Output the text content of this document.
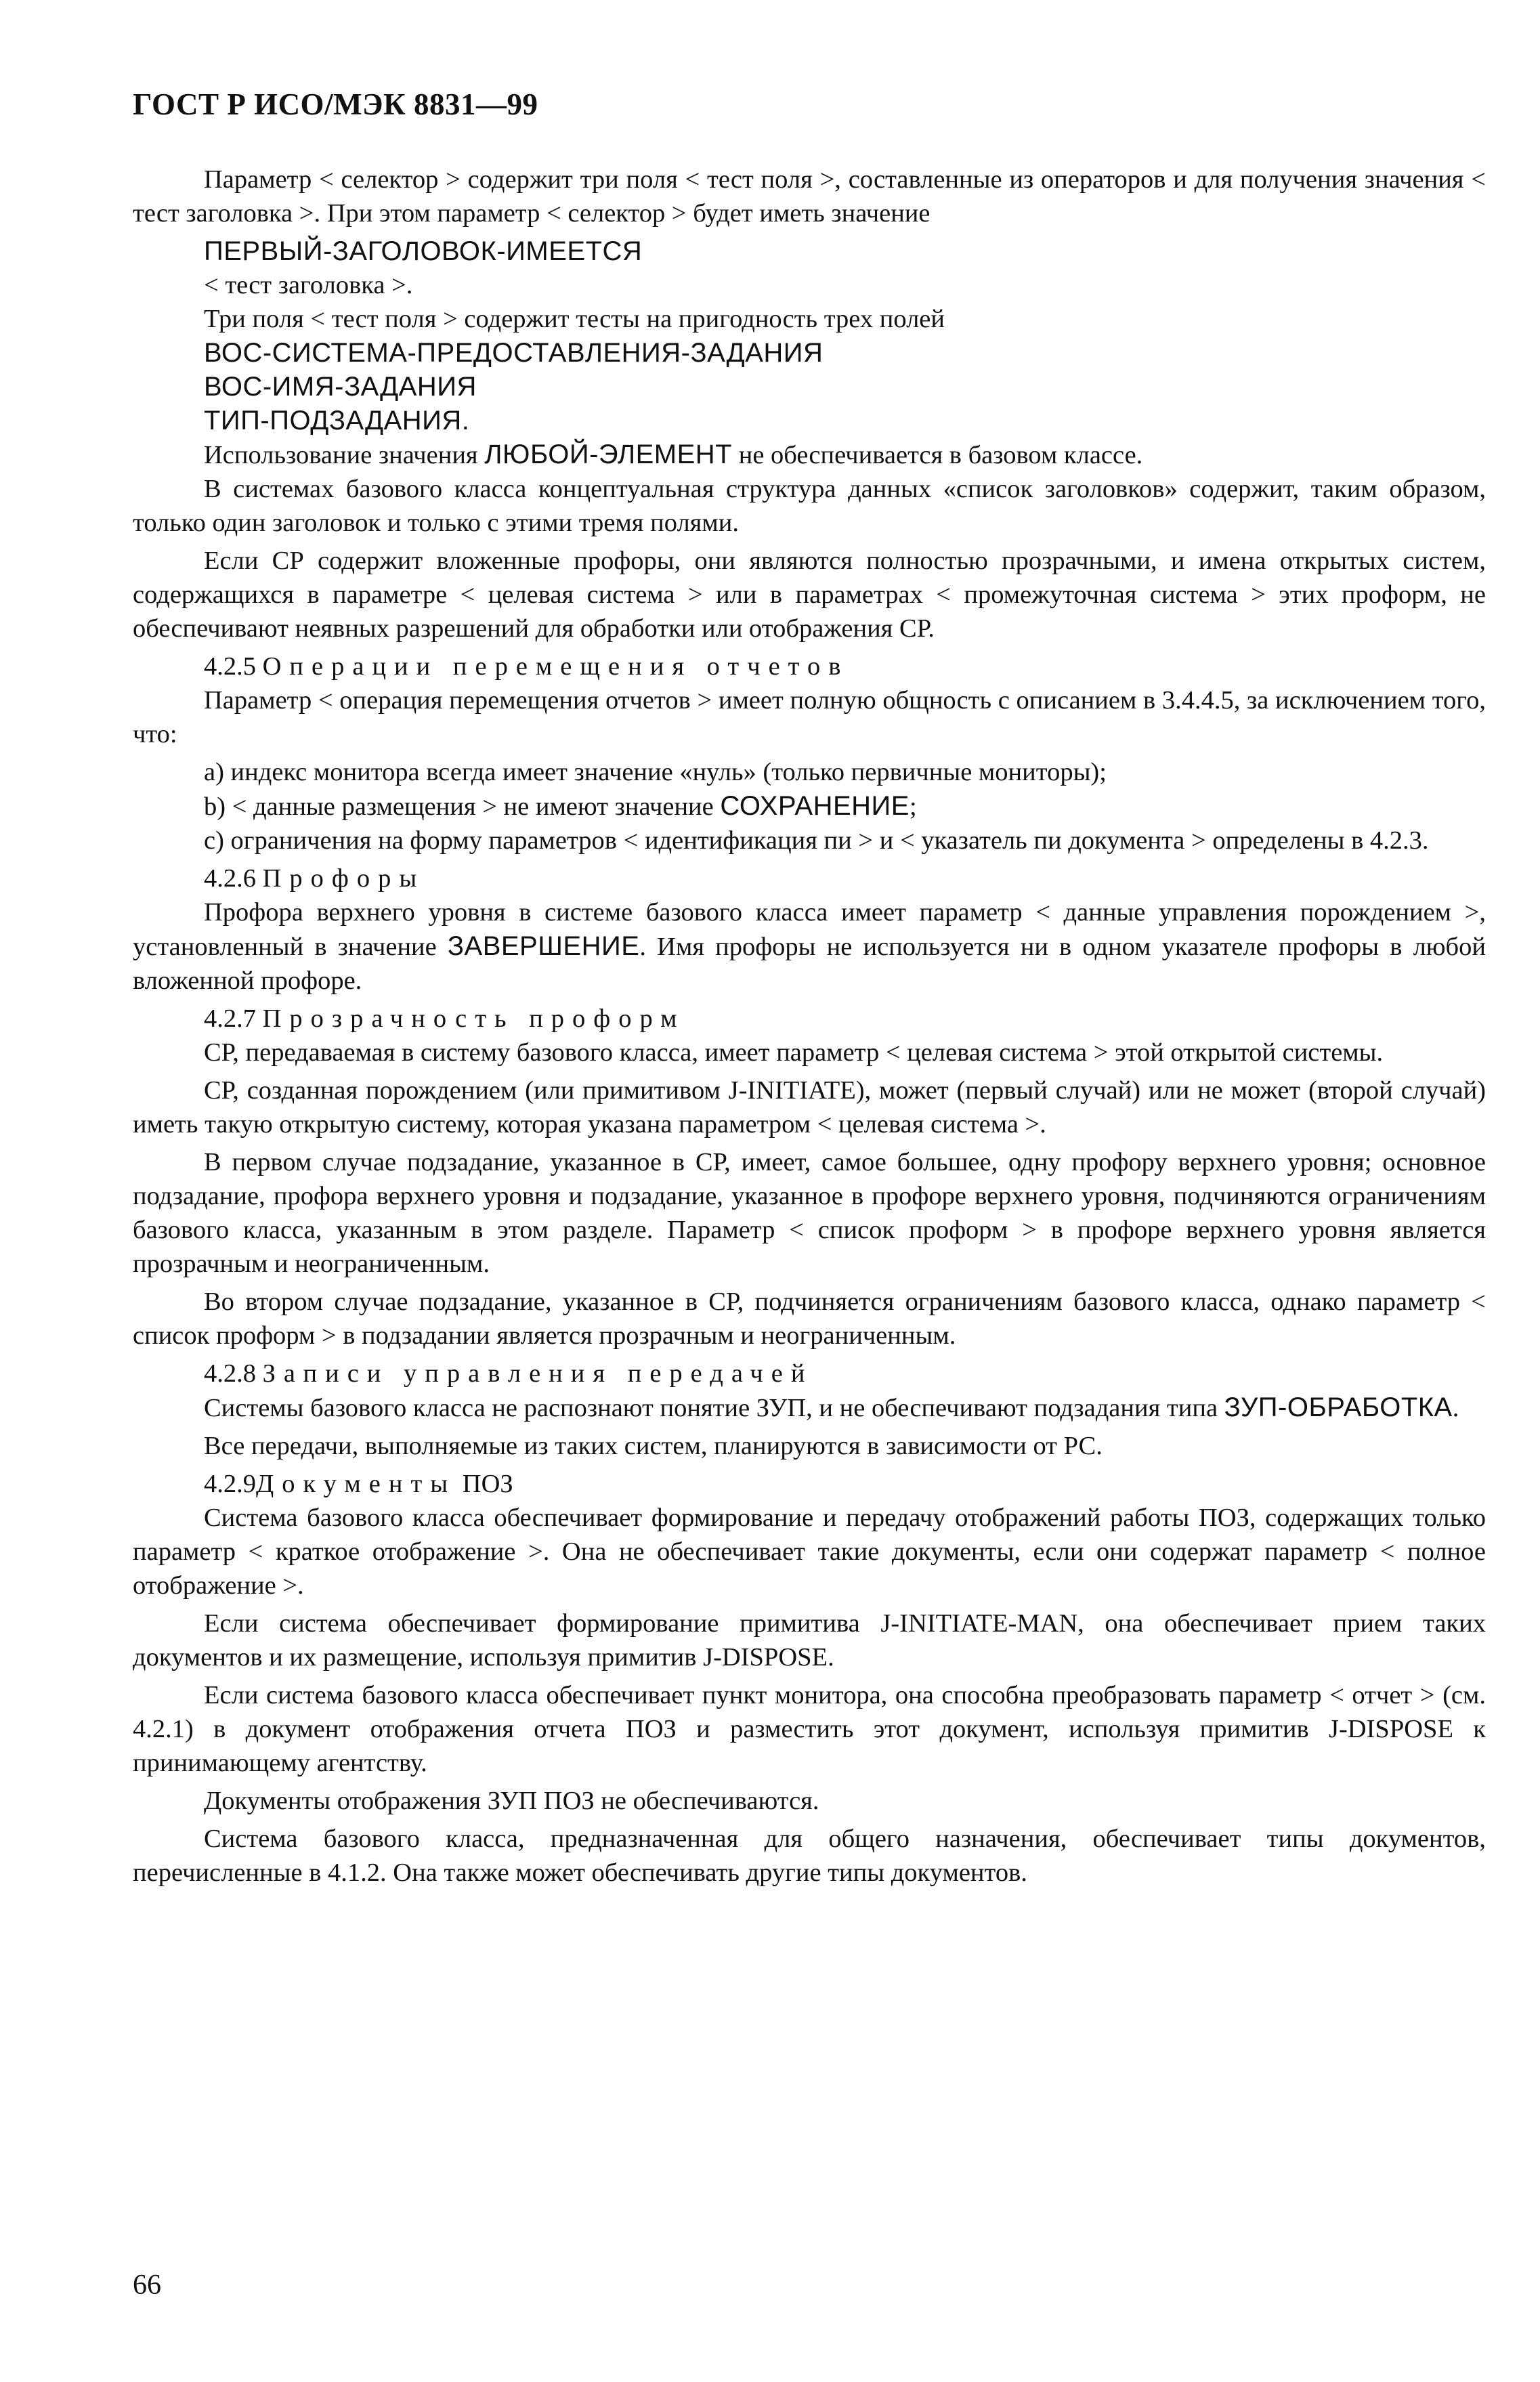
ГОСТ Р ИСО/МЭК 8831—99

Параметр < селектор > содержит три поля < тест поля >, составленные из операторов и для получения значения < тест заголовка >. При этом параметр < селектор > будет иметь значение

ПЕРВЫЙ-ЗАГОЛОВОК-ИМЕЕТСЯ

< тест заголовка >.

Три поля < тест поля > содержит тесты на пригодность трех полей

ВОС-СИСТЕМА-ПРЕДОСТАВЛЕНИЯ-ЗАДАНИЯ

ВОС-ИМЯ-ЗАДАНИЯ

ТИП-ПОДЗАДАНИЯ.

Использование значения ЛЮБОЙ-ЭЛЕМЕНТ не обеспечивается в базовом классе.

В системах базового класса концептуальная структура данных «список заголовков» содержит, таким образом, только один заголовок и только с этими тремя полями.

Если СР содержит вложенные профоры, они являются полностью прозрачными, и имена открытых систем, содержащихся в параметре < целевая система > или в параметрах < промежуточная система > этих проформ, не обеспечивают неявных разрешений для обработки или отображения СР.

4.2.5 Операции перемещения отчетов

Параметр < операция перемещения отчетов > имеет полную общность с описанием в 3.4.4.5, за исключением того, что:

а) индекс монитора всегда имеет значение «нуль» (только первичные мониторы);

b) < данные размещения > не имеют значение СОХРАНЕНИЕ;

с) ограничения на форму параметров < идентификация пи > и < указатель пи документа > определены в 4.2.3.

4.2.6 Профоры

Профора верхнего уровня в системе базового класса имеет параметр < данные управления порождением >, установленный в значение ЗАВЕРШЕНИЕ. Имя профоры не используется ни в одном указателе профоры в любой вложенной профоре.

4.2.7 Прозрачность проформ

СР, передаваемая в систему базового класса, имеет параметр < целевая система > этой открытой системы.

СР, созданная порождением (или примитивом J-INITIATE), может (первый случай) или не может (второй случай) иметь такую открытую систему, которая указана параметром < целевая система >.

В первом случае подзадание, указанное в СР, имеет, самое большее, одну профору верхнего уровня; основное подзадание, профора верхнего уровня и подзадание, указанное в профоре верхнего уровня, подчиняются ограничениям базового класса, указанным в этом разделе. Параметр < список проформ > в профоре верхнего уровня является прозрачным и неограниченным.

Во втором случае подзадание, указанное в СР, подчиняется ограничениям базового класса, однако параметр < список проформ > в подзадании является прозрачным и неограниченным.

4.2.8 Записи управления передачей

Системы базового класса не распознают понятие ЗУП, и не обеспечивают подзадания типа ЗУП-ОБРАБОТКА.

Все передачи, выполняемые из таких систем, планируются в зависимости от РС.

4.2.9Документы ПОЗ

Система базового класса обеспечивает формирование и передачу отображений работы ПОЗ, содержащих только параметр < краткое отображение >. Она не обеспечивает такие документы, если они содержат параметр < полное отображение >.

Если система обеспечивает формирование примитива J-INITIATE-MAN, она обеспечивает прием таких документов и их размещение, используя примитив J-DISPOSE.

Если система базового класса обеспечивает пункт монитора, она способна преобразовать параметр < отчет > (см. 4.2.1) в документ отображения отчета ПОЗ и разместить этот документ, используя примитив J-DISPOSE к принимающему агентству.

Документы отображения ЗУП ПОЗ не обеспечиваются.

Система базового класса, предназначенная для общего назначения, обеспечивает типы документов, перечисленные в 4.1.2. Она также может обеспечивать другие типы документов.

66
